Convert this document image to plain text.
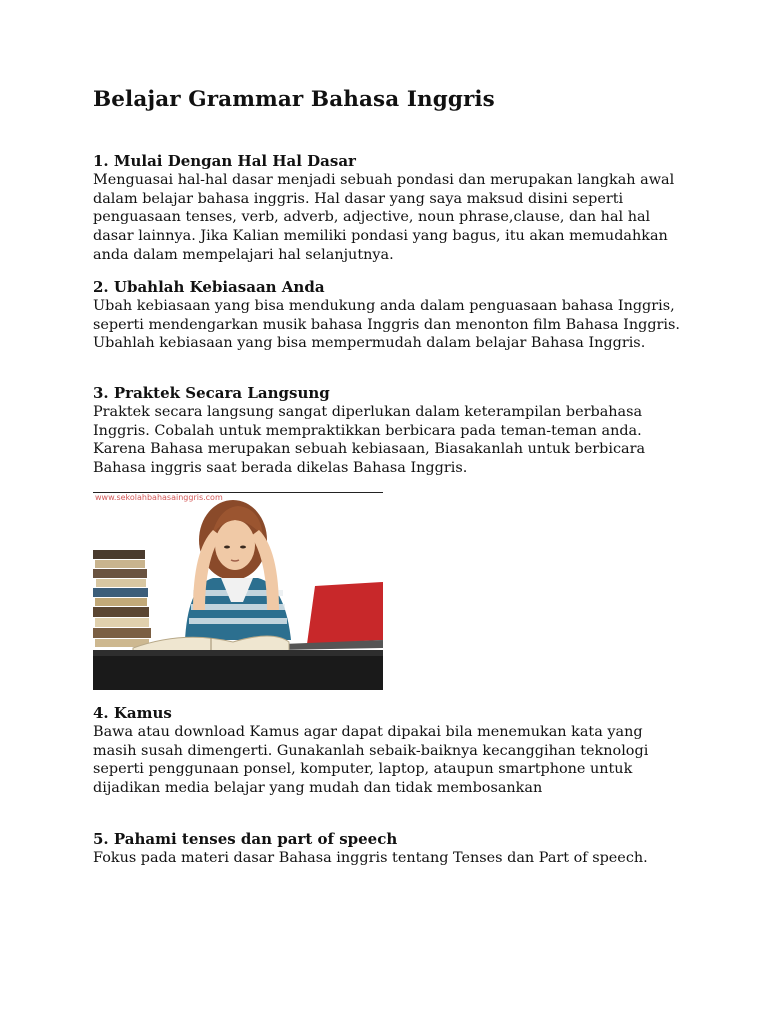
Belajar Grammar Bahasa Inggris
1. Mulai Dengan Hal Hal Dasar

Menguasai hal-hal dasar menjadi sebuah pondasi dan merupakan langkah awal dalam belajar bahasa inggris. Hal dasar yang saya maksud disini seperti penguasaan tenses, verb, adverb, adjective, noun phrase,clause, dan hal hal dasar lainnya. Jika Kalian memiliki pondasi yang bagus, itu akan memudahkan anda dalam mempelajari hal selanjutnya.

2. Ubahlah Kebiasaan Anda

Ubah kebiasaan yang bisa mendukung anda dalam penguasaan bahasa Inggris, seperti mendengarkan musik bahasa Inggris dan menonton film Bahasa Inggris. Ubahlah kebiasaan yang bisa mempermudah dalam belajar Bahasa Inggris.

3. Praktek Secara Langsung

Praktek secara langsung sangat diperlukan dalam keterampilan berbahasa Inggris. Cobalah untuk mempraktikkan berbicara pada teman-teman anda. Karena Bahasa merupakan sebuah kebiasaan, Biasakanlah untuk berbicara Bahasa inggris saat berada dikelas Bahasa Inggris.

www.sekolahbahasainggris.com
4. Kamus

Bawa atau download Kamus agar dapat dipakai bila menemukan kata yang masih susah dimengerti. Gunakanlah sebaik-baiknya kecanggihan teknologi seperti penggunaan ponsel, komputer, laptop, ataupun smartphone untuk dijadikan media belajar yang mudah dan tidak membosankan

5. Pahami tenses dan part of speech

Fokus pada materi dasar Bahasa inggris tentang Tenses dan Part of speech.
